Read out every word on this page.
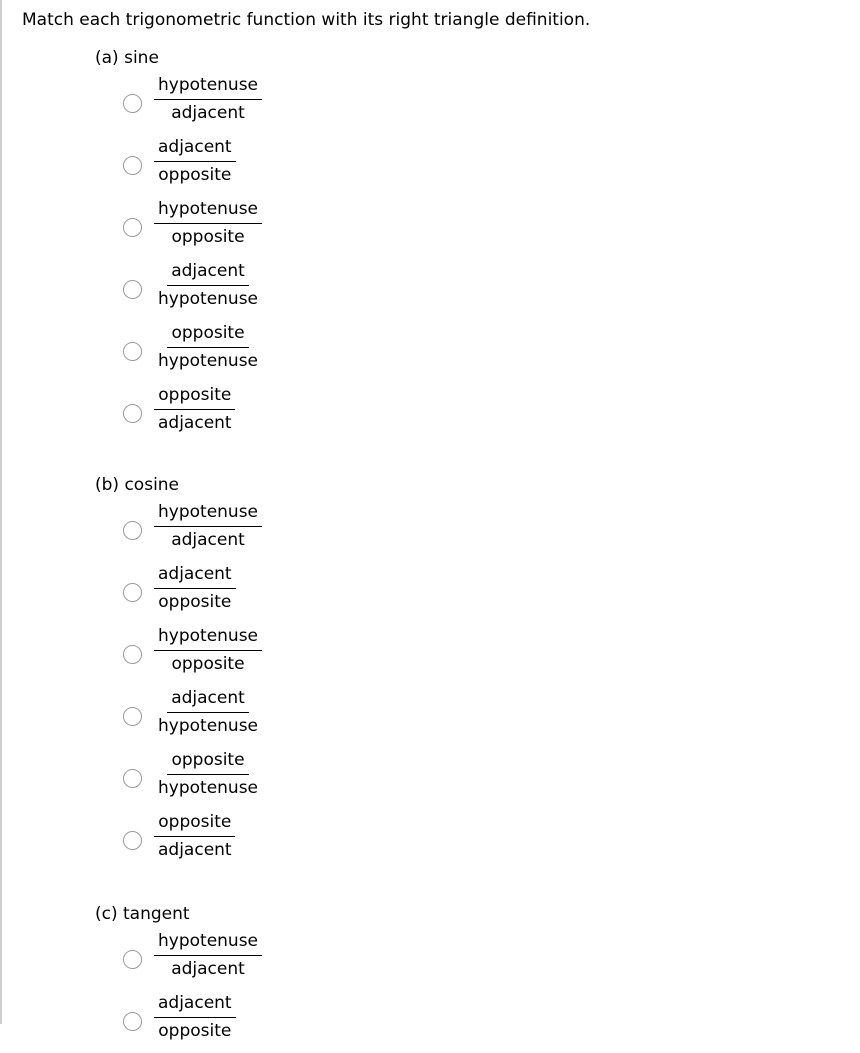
Match each trigonometric function with its right triangle definition.
(a) sine
hypotenuse
adjacent
adjacent
opposite
hypotenuse
opposite
adjacent
hypotenuse
opposite
hypotenuse
opposite
adjacent
(b) cosine
hypotenuse
adjacent
adjacent
opposite
hypotenuse
opposite
adjacent
hypotenuse
opposite
hypotenuse
opposite
adjacent
(c) tangent
hypotenuse
adjacent
adjacent
opposite
